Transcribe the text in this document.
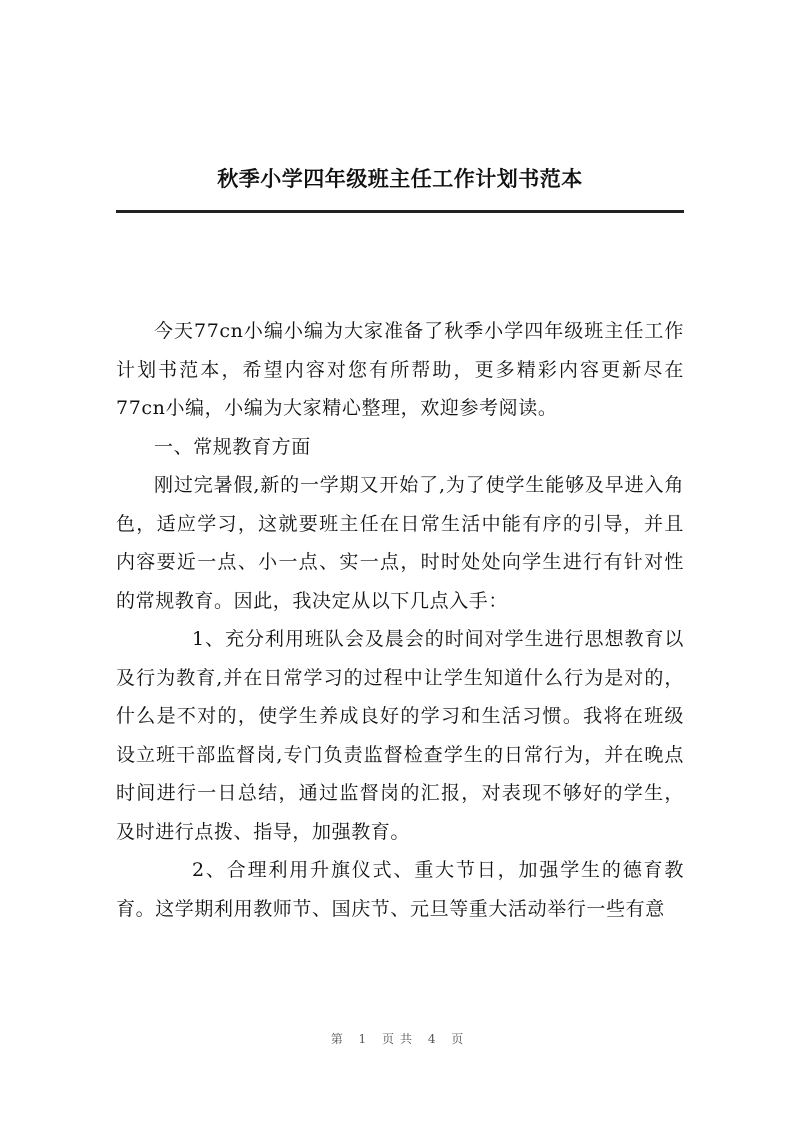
秋季小学四年级班主任工作计划书范本

今天77cn小编小编为大家准备了秋季小学四年级班主任工作计划书范本，希望内容对您有所帮助，更多精彩内容更新尽在77cn小编，小编为大家精心整理，欢迎参考阅读。

一、常规教育方面

刚过完暑假,新的一学期又开始了,为了使学生能够及早进入角色，适应学习，这就要班主任在日常生活中能有序的引导，并且内容要近一点、小一点、实一点，时时处处向学生进行有针对性的常规教育。因此，我决定从以下几点入手：

1、充分利用班队会及晨会的时间对学生进行思想教育以及行为教育,并在日常学习的过程中让学生知道什么行为是对的，什么是不对的，使学生养成良好的学习和生活习惯。我将在班级设立班干部监督岗,专门负责监督检查学生的日常行为，并在晚点时间进行一日总结，通过监督岗的汇报，对表现不够好的学生，及时进行点拨、指导，加强教育。

2、合理利用升旗仪式、重大节日，加强学生的德育教育。这学期利用教师节、国庆节、元旦等重大活动举行一些有意

第 1 页共 4 页
